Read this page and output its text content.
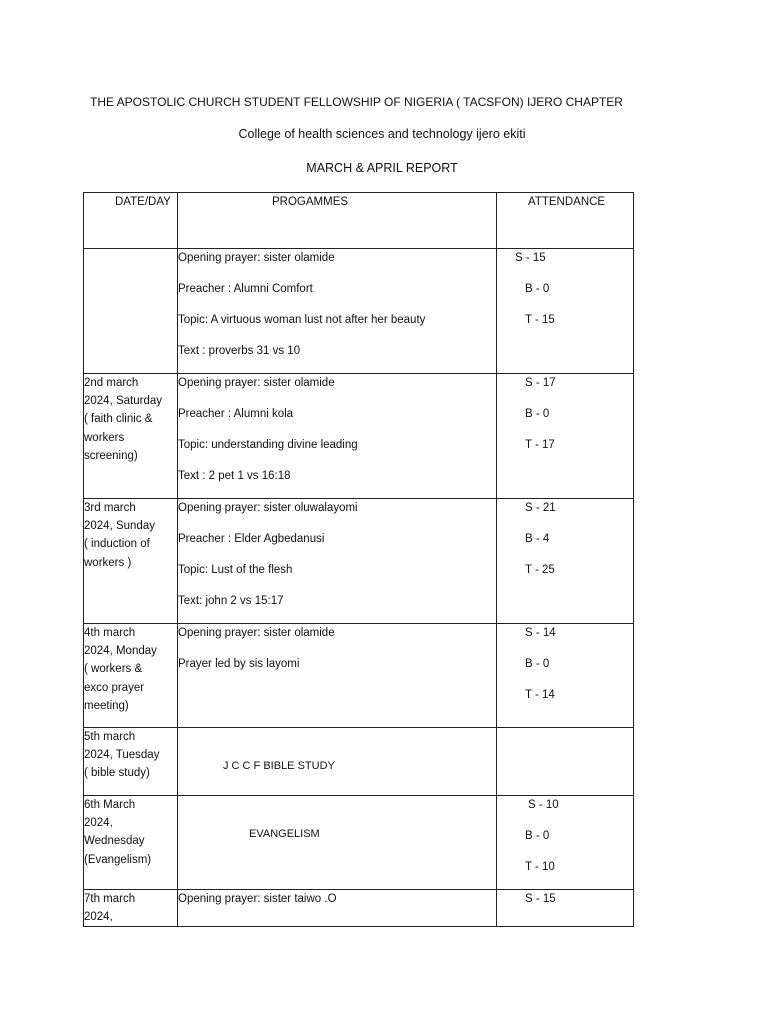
THE APOSTOLIC CHURCH STUDENT FELLOWSHIP OF NIGERIA ( TACSFON) IJERO CHAPTER
College of health sciences and technology ijero ekiti
MARCH & APRIL REPORT
DATE/DAY	PROGAMMES	ATTENDANCE

	Opening prayer: sister olamide
Preacher : Alumni Comfort
Topic: A virtuous woman lust not after her beauty
Text : proverbs 31 vs 10	S - 15
B - 0
T - 15

2nd march
2024, Saturday
( faith clinic &
workers
screening)	Opening prayer: sister olamide
Preacher : Alumni kola
Topic: understanding divine leading
Text : 2 pet 1 vs 16:18	S - 17
B - 0
T - 17

3rd march
2024, Sunday
( induction of
workers )	Opening prayer: sister oluwalayomi
Preacher : Elder Agbedanusi
Topic: Lust of the flesh
Text: john 2 vs 15:17	S - 21
B - 4
T - 25

4th march
2024, Monday
( workers &
exco prayer
meeting)	Opening prayer: sister olamide
Prayer led by sis layomi	S - 14
B - 0
T - 14

5th march
2024, Tuesday
( bible study)	J C C F BIBLE STUDY	

6th March
2024,
Wednesday
(Evangelism)	EVANGELISM	S - 10
B - 0
T - 10

7th march
2024,	Opening prayer: sister taiwo .O	S - 15
